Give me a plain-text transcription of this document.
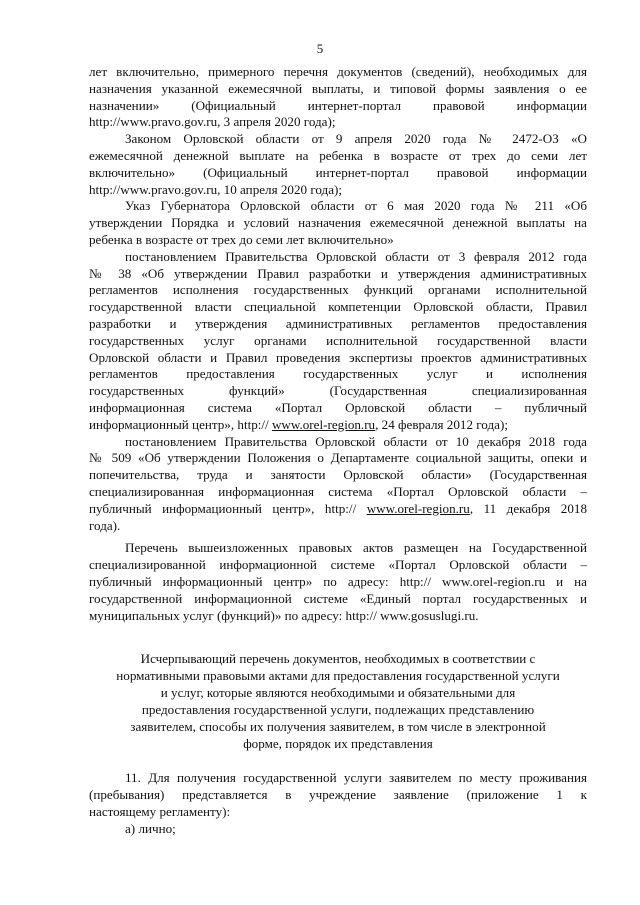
5

лет включительно, примерного перечня документов (сведений), необходимых для

назначения указанной ежемесячной выплаты, и типовой формы заявления о ее

назначении» (Официальный интернет-портал правовой информации

http://www.pravo.gov.ru, 3 апреля 2020 года);

Законом Орловской области от 9 апреля 2020 года № 2472-ОЗ «О

ежемесячной денежной выплате на ребенка в возрасте от трех до семи лет

включительно» (Официальный интернет-портал правовой информации

http://www.pravo.gov.ru, 10 апреля 2020 года);

Указ Губернатора Орловской области от 6 мая 2020 года № 211 «Об

утверждении Порядка и условий назначения ежемесячной денежной выплаты на

ребенка в возрасте от трех до семи лет включительно»

постановлением Правительства Орловской области от 3 февраля 2012 года

№ 38 «Об утверждении Правил разработки и утверждения административных

регламентов исполнения государственных функций органами исполнительной

государственной власти специальной компетенции Орловской области, Правил

разработки и утверждения административных регламентов предоставления

государственных услуг органами исполнительной государственной власти

Орловской области и Правил проведения экспертизы проектов административных

регламентов предоставления государственных услуг и исполнения

государственных функций» (Государственная специализированная

информационная система «Портал Орловской области – публичный

информационный центр», http:// www.orel-region.ru, 24 февраля 2012 года);

постановлением Правительства Орловской области от 10 декабря 2018 года

№ 509 «Об утверждении Положения о Департаменте социальной защиты, опеки и

попечительства, труда и занятости Орловской области» (Государственная

специализированная информационная система «Портал Орловской области –

публичный информационный центр», http:// www.orel-region.ru, 11 декабря 2018

года).

Перечень вышеизложенных правовых актов размещен на Государственной

специализированной информационной системе «Портал Орловской области –

публичный информационный центр» по адресу: http:// www.orel-region.ru и на

государственной информационной системе «Единый портал государственных и

муниципальных услуг (функций)» по адресу: http:// www.gosuslugi.ru.

Исчерпывающий перечень документов, необходимых в соответствии с

нормативными правовыми актами для предоставления государственной услуги

и услуг, которые являются необходимыми и обязательными для

предоставления государственной услуги, подлежащих представлению

заявителем, способы их получения заявителем, в том числе в электронной

форме, порядок их представления

11. Для получения государственной услуги заявителем по месту проживания

(пребывания) представляется в учреждение заявление (приложение 1 к

настоящему регламенту):

а) лично;
